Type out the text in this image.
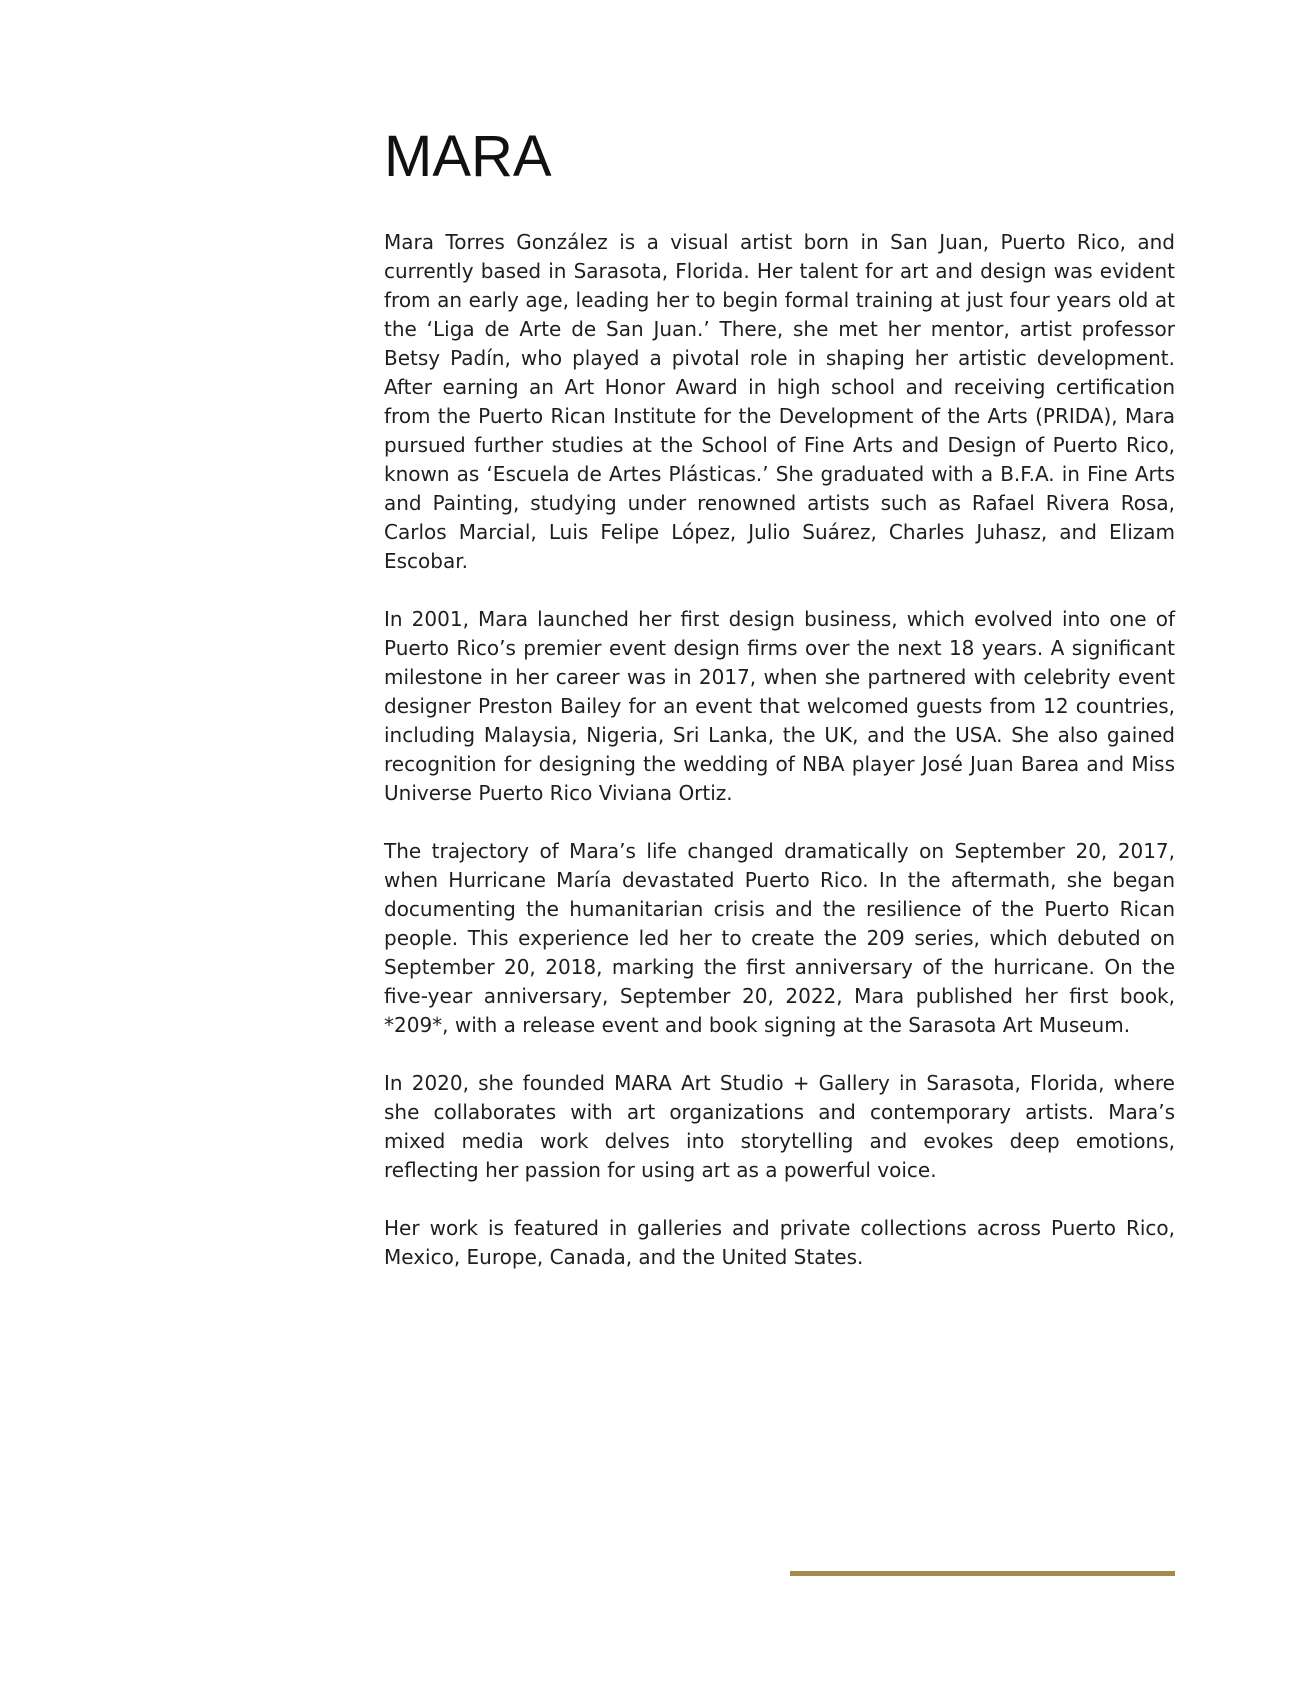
MARA

Mara Torres González is a visual artist born in San Juan, Puerto Rico, and currently based in Sarasota, Florida. Her talent for art and design was evident from an early age, leading her to begin formal training at just four years old at the ‘Liga de Arte de San Juan.’ There, she met her mentor, artist professor Betsy Padín, who played a pivotal role in shaping her artistic development. After earning an Art Honor Award in high school and receiving certification from the Puerto Rican Institute for the Development of the Arts (PRIDA), Mara pursued further studies at the School of Fine Arts and Design of Puerto Rico, known as ‘Escuela de Artes Plásticas.’ She graduated with a B.F.A. in Fine Arts and Painting, studying under renowned artists such as Rafael Rivera Rosa, Carlos Marcial, Luis Felipe López, Julio Suárez, Charles Juhasz, and Elizam Escobar.

In 2001, Mara launched her first design business, which evolved into one of Puerto Rico’s premier event design firms over the next 18 years. A significant milestone in her career was in 2017, when she partnered with celebrity event designer Preston Bailey for an event that welcomed guests from 12 countries, including Malaysia, Nigeria, Sri Lanka, the UK, and the USA. She also gained recognition for designing the wedding of NBA player José Juan Barea and Miss Universe Puerto Rico Viviana Ortiz.

The trajectory of Mara’s life changed dramatically on September 20, 2017, when Hurricane María devastated Puerto Rico. In the aftermath, she began documenting the humanitarian crisis and the resilience of the Puerto Rican people. This experience led her to create the 209 series, which debuted on September 20, 2018, marking the first anniversary of the hurricane. On the five-year anniversary, September 20, 2022, Mara published her first book, *209*, with a release event and book signing at the Sarasota Art Museum.

In 2020, she founded MARA Art Studio + Gallery in Sarasota, Florida, where she collaborates with art organizations and contemporary artists. Mara’s mixed media work delves into storytelling and evokes deep emotions, reflecting her passion for using art as a powerful voice.

Her work is featured in galleries and private collections across Puerto Rico, Mexico, Europe, Canada, and the United States.
